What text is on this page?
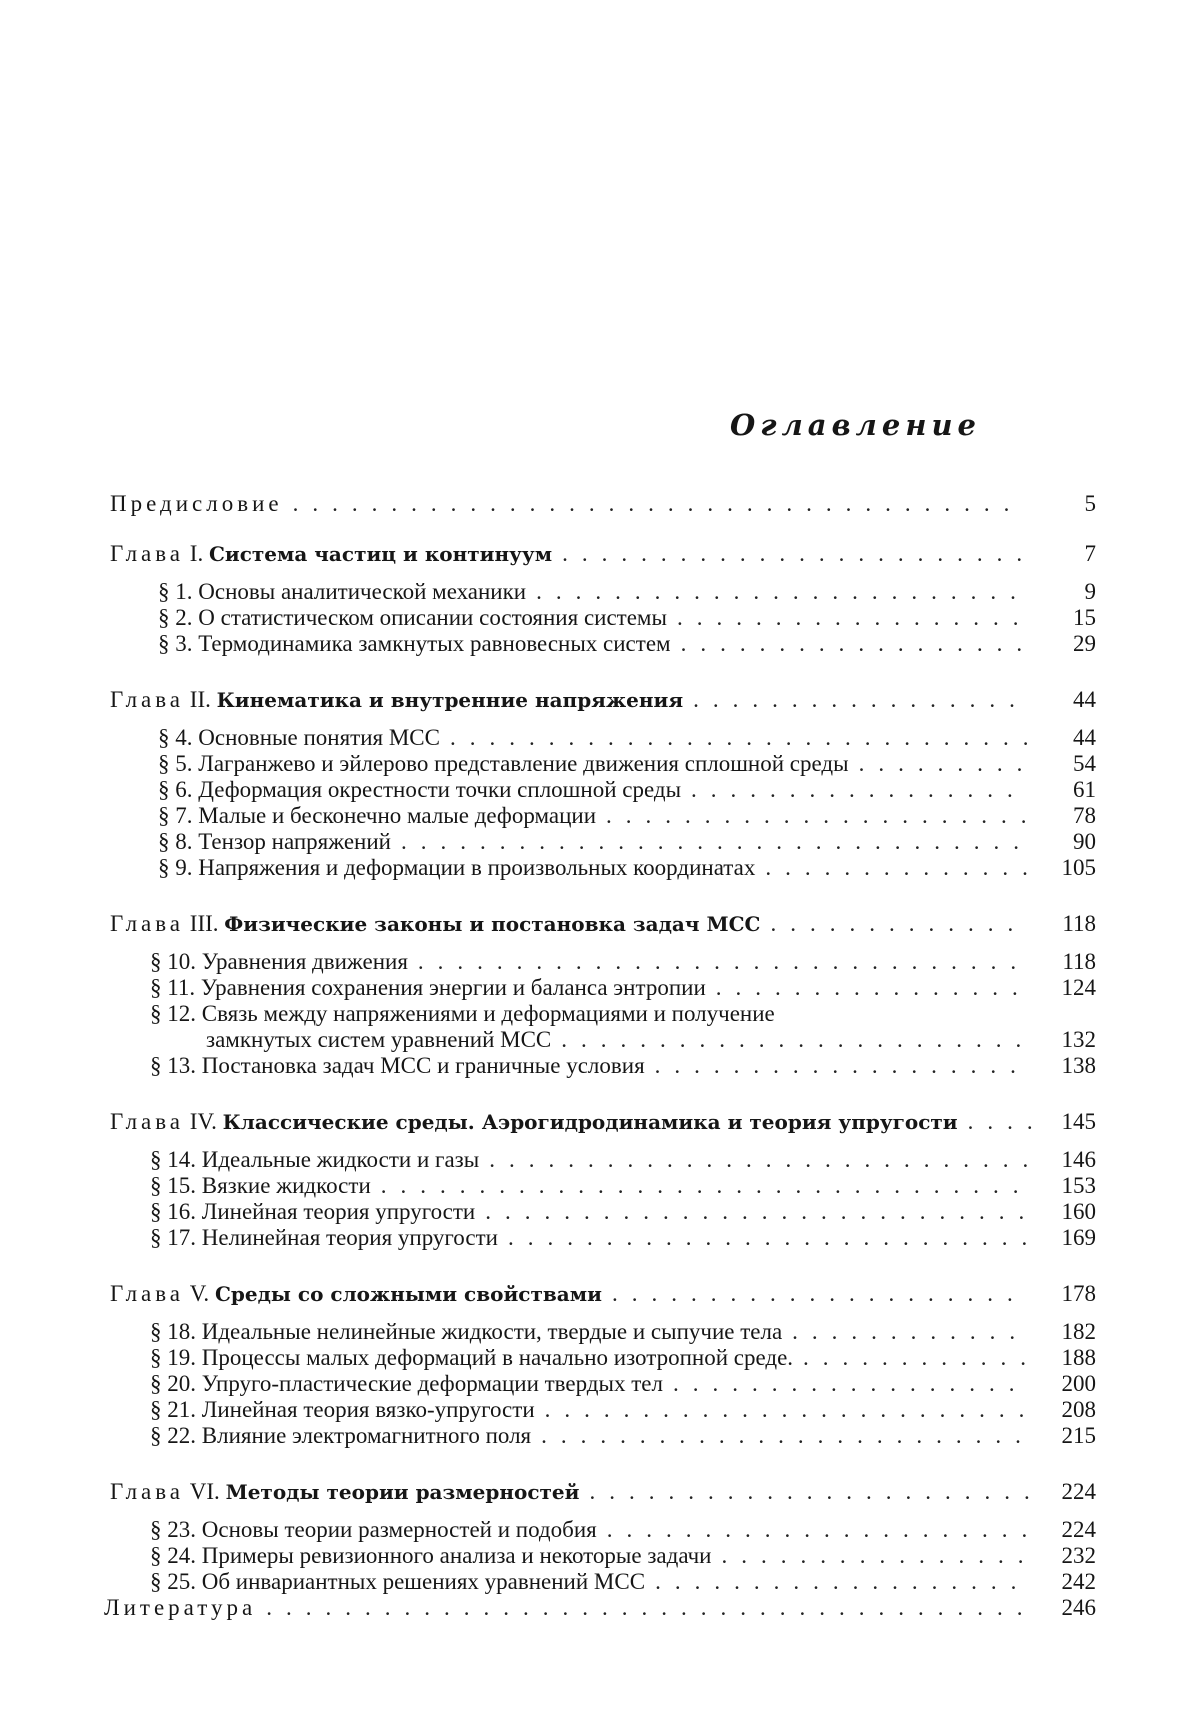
Оглавление
Предисловие	5
.....................................
Глава I. Система частиц и континуум	7
........................
§ 1. Основы аналитической механики	9
.........................
§ 2. О статистическом описании состояния системы	15
..................
§ 3. Термодинамика замкнутых равновесных систем	29
..................
Глава II. Кинематика и внутренние напряжения	44
.................
§ 4. Основные понятия МСС	44
..............................
§ 5. Лагранжево и эйлерово представление движения сплошной среды	54
.........
§ 6. Деформация окрестности точки сплошной среды	61
.................
§ 7. Малые и бесконечно малые деформации	78
......................
§ 8. Тензор напряжений	90
................................
§ 9. Напряжения и деформации в произвольных координатах	105
..............
Глава III. Физические законы и постановка задач МСС	118
.............
§ 10. Уравнения движения	118
...............................
§ 11. Уравнения сохранения энергии и баланса энтропии	124
................
§ 12. Связь между напряжениями и деформациями и получение
замкнутых систем уравнений МСС	132
........................
§ 13. Постановка задач МСС и граничные условия	138
...................
Глава IV. Классические среды. Аэрогидродинамика и теория упругости	145
....
§ 14. Идеальные жидкости и газы	146
............................
§ 15. Вязкие жидкости	153
.................................
§ 16. Линейная теория упругости	160
............................
§ 17. Нелинейная теория упругости	169
...........................
Глава V. Среды со сложными свойствами	178
.....................
§ 18. Идеальные нелинейные жидкости, твердые и сыпучие тела	182
............
§ 19. Процессы малых деформаций в начально изотропной среде.	188
............
§ 20. Упруго-пластические деформации твердых тел	200
..................
§ 21. Линейная теория вязко-упругости	208
.........................
§ 22. Влияние электромагнитного поля	215
.........................
Глава VI. Методы теории размерностей	224
.......................
§ 23. Основы теории размерностей и подобия	224
......................
§ 24. Примеры ревизионного анализа и некоторые задачи	232
................
§ 25. Об инвариантных решениях уравнений МСС	242
...................
Литература	246
.......................................
